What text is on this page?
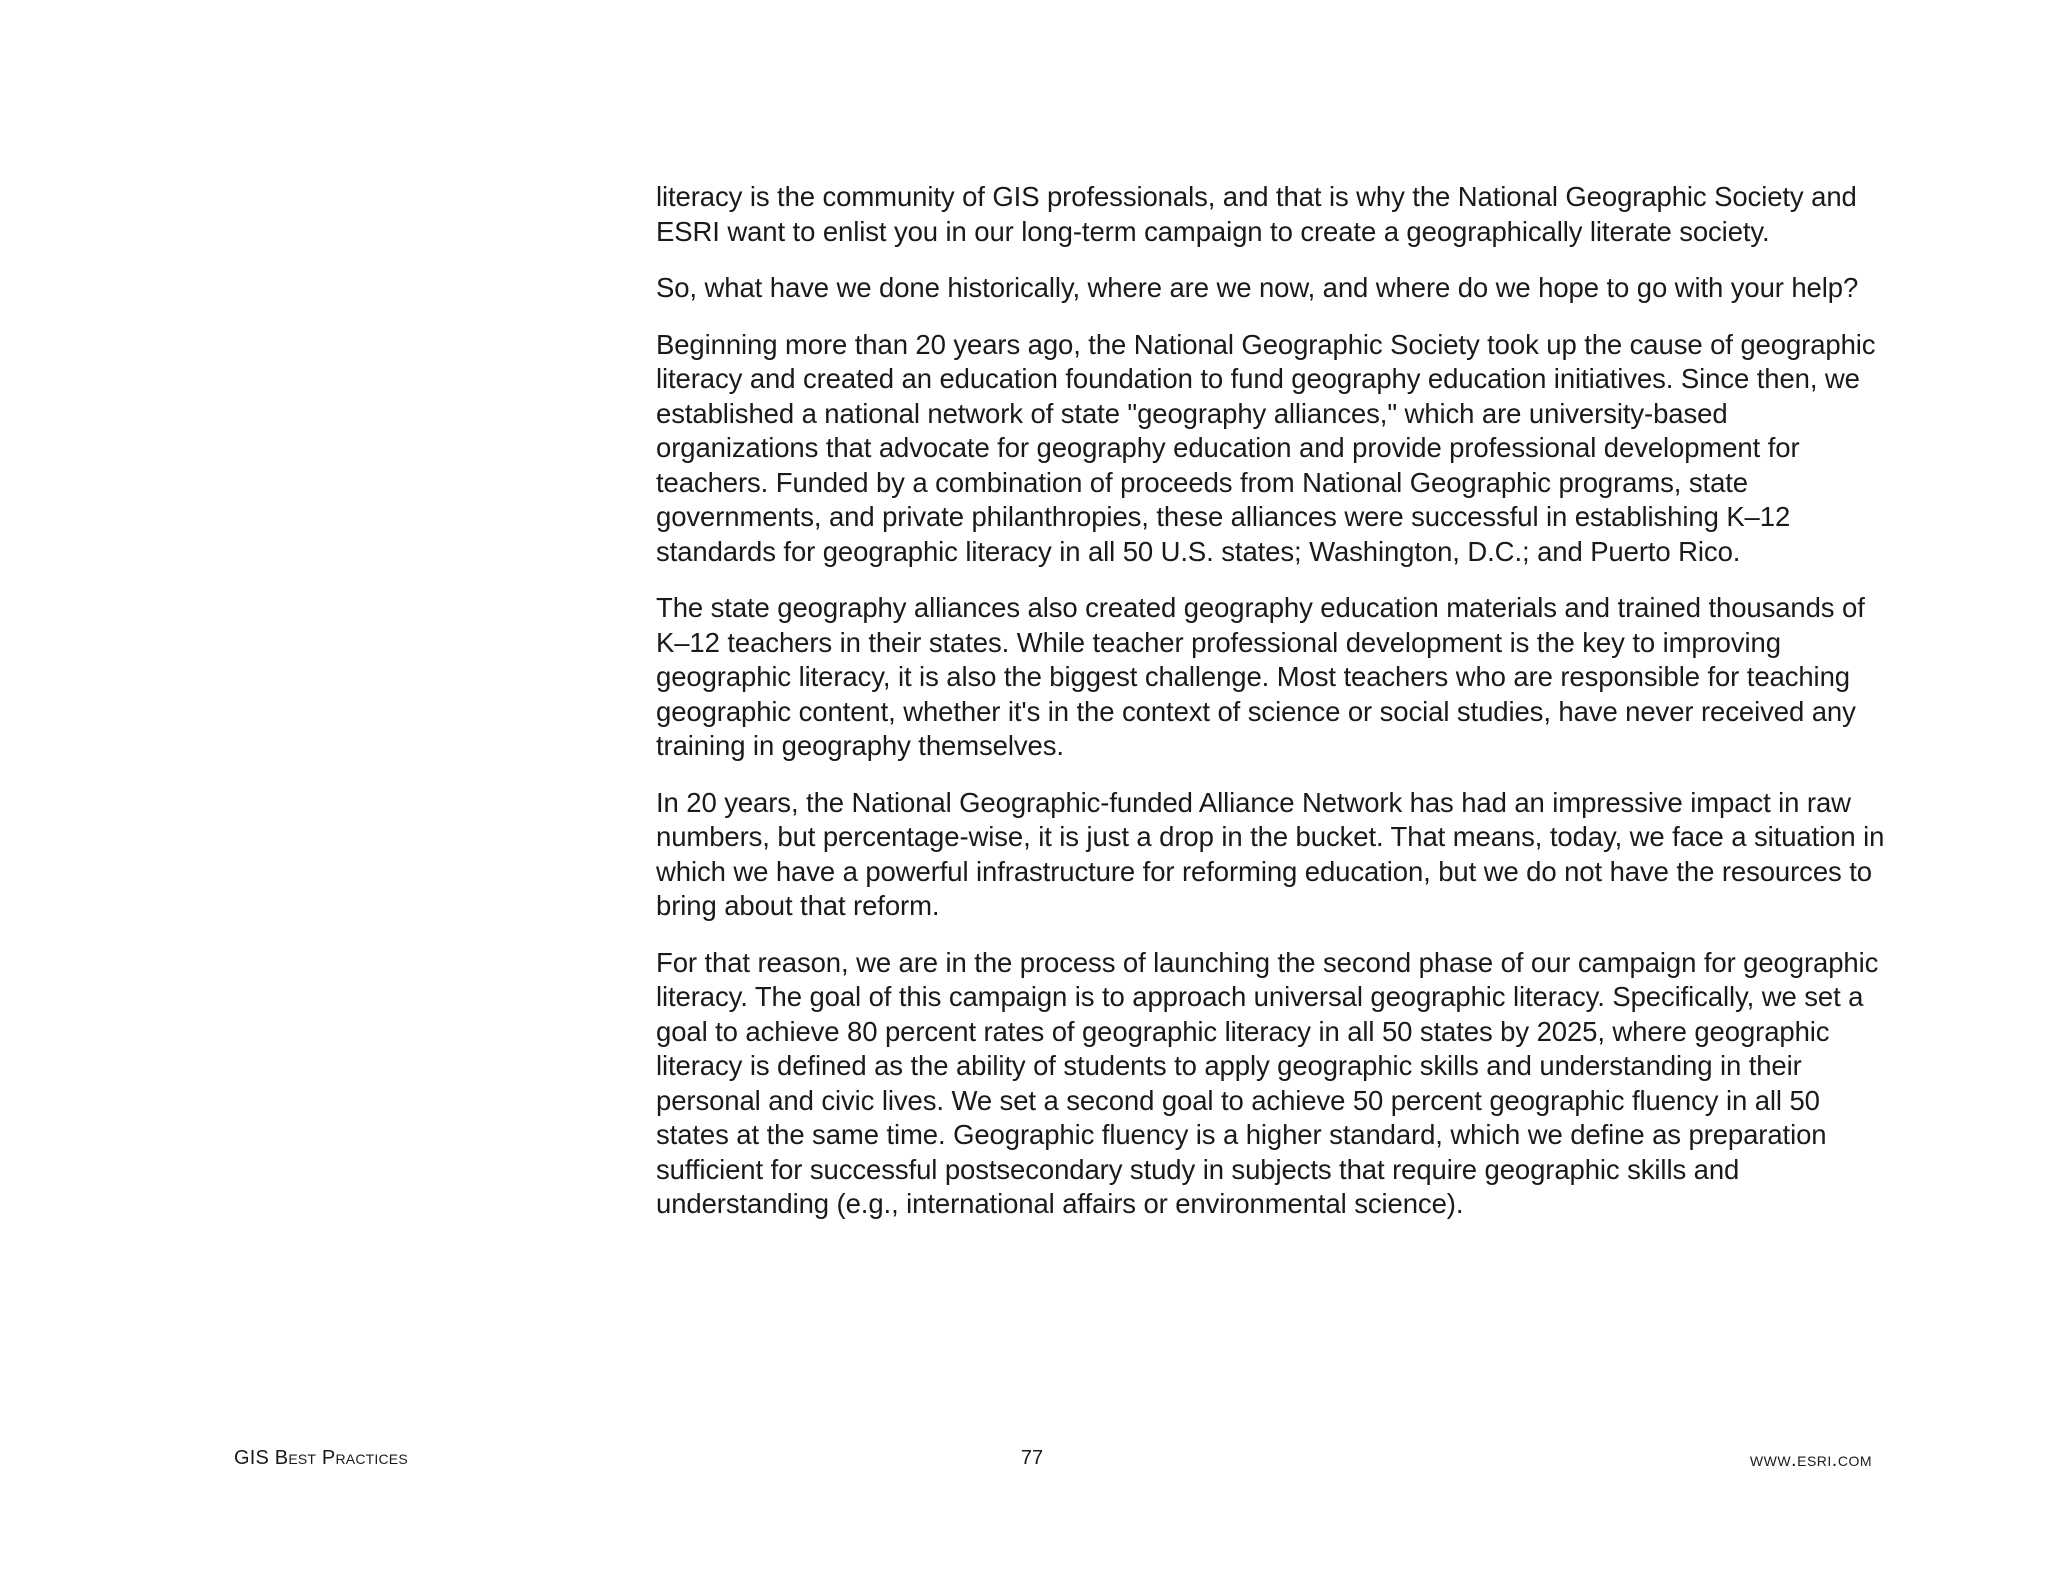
literacy is the community of GIS professionals, and that is why the National Geographic Society and ESRI want to enlist you in our long-term campaign to create a geographically literate society.

So, what have we done historically, where are we now, and where do we hope to go with your help?

Beginning more than 20 years ago, the National Geographic Society took up the cause of geographic literacy and created an education foundation to fund geography education initiatives. Since then, we established a national network of state "geography alliances," which are university-based organizations that advocate for geography education and provide professional development for teachers. Funded by a combination of proceeds from National Geographic programs, state governments, and private philanthropies, these alliances were successful in establishing K–12 standards for geographic literacy in all 50 U.S. states; Washington, D.C.; and Puerto Rico.

The state geography alliances also created geography education materials and trained thousands of K–12 teachers in their states. While teacher professional development is the key to improving geographic literacy, it is also the biggest challenge. Most teachers who are responsible for teaching geographic content, whether it's in the context of science or social studies, have never received any training in geography themselves.

In 20 years, the National Geographic-funded Alliance Network has had an impressive impact in raw numbers, but percentage-wise, it is just a drop in the bucket. That means, today, we face a situation in which we have a powerful infrastructure for reforming education, but we do not have the resources to bring about that reform.

For that reason, we are in the process of launching the second phase of our campaign for geographic literacy. The goal of this campaign is to approach universal geographic literacy. Specifically, we set a goal to achieve 80 percent rates of geographic literacy in all 50 states by 2025, where geographic literacy is defined as the ability of students to apply geographic skills and understanding in their personal and civic lives. We set a second goal to achieve 50 percent geographic fluency in all 50 states at the same time. Geographic fluency is a higher standard, which we define as preparation sufficient for successful postsecondary study in subjects that require geographic skills and understanding (e.g., international affairs or environmental science).

GIS Best Practices	77	www.esri.com
